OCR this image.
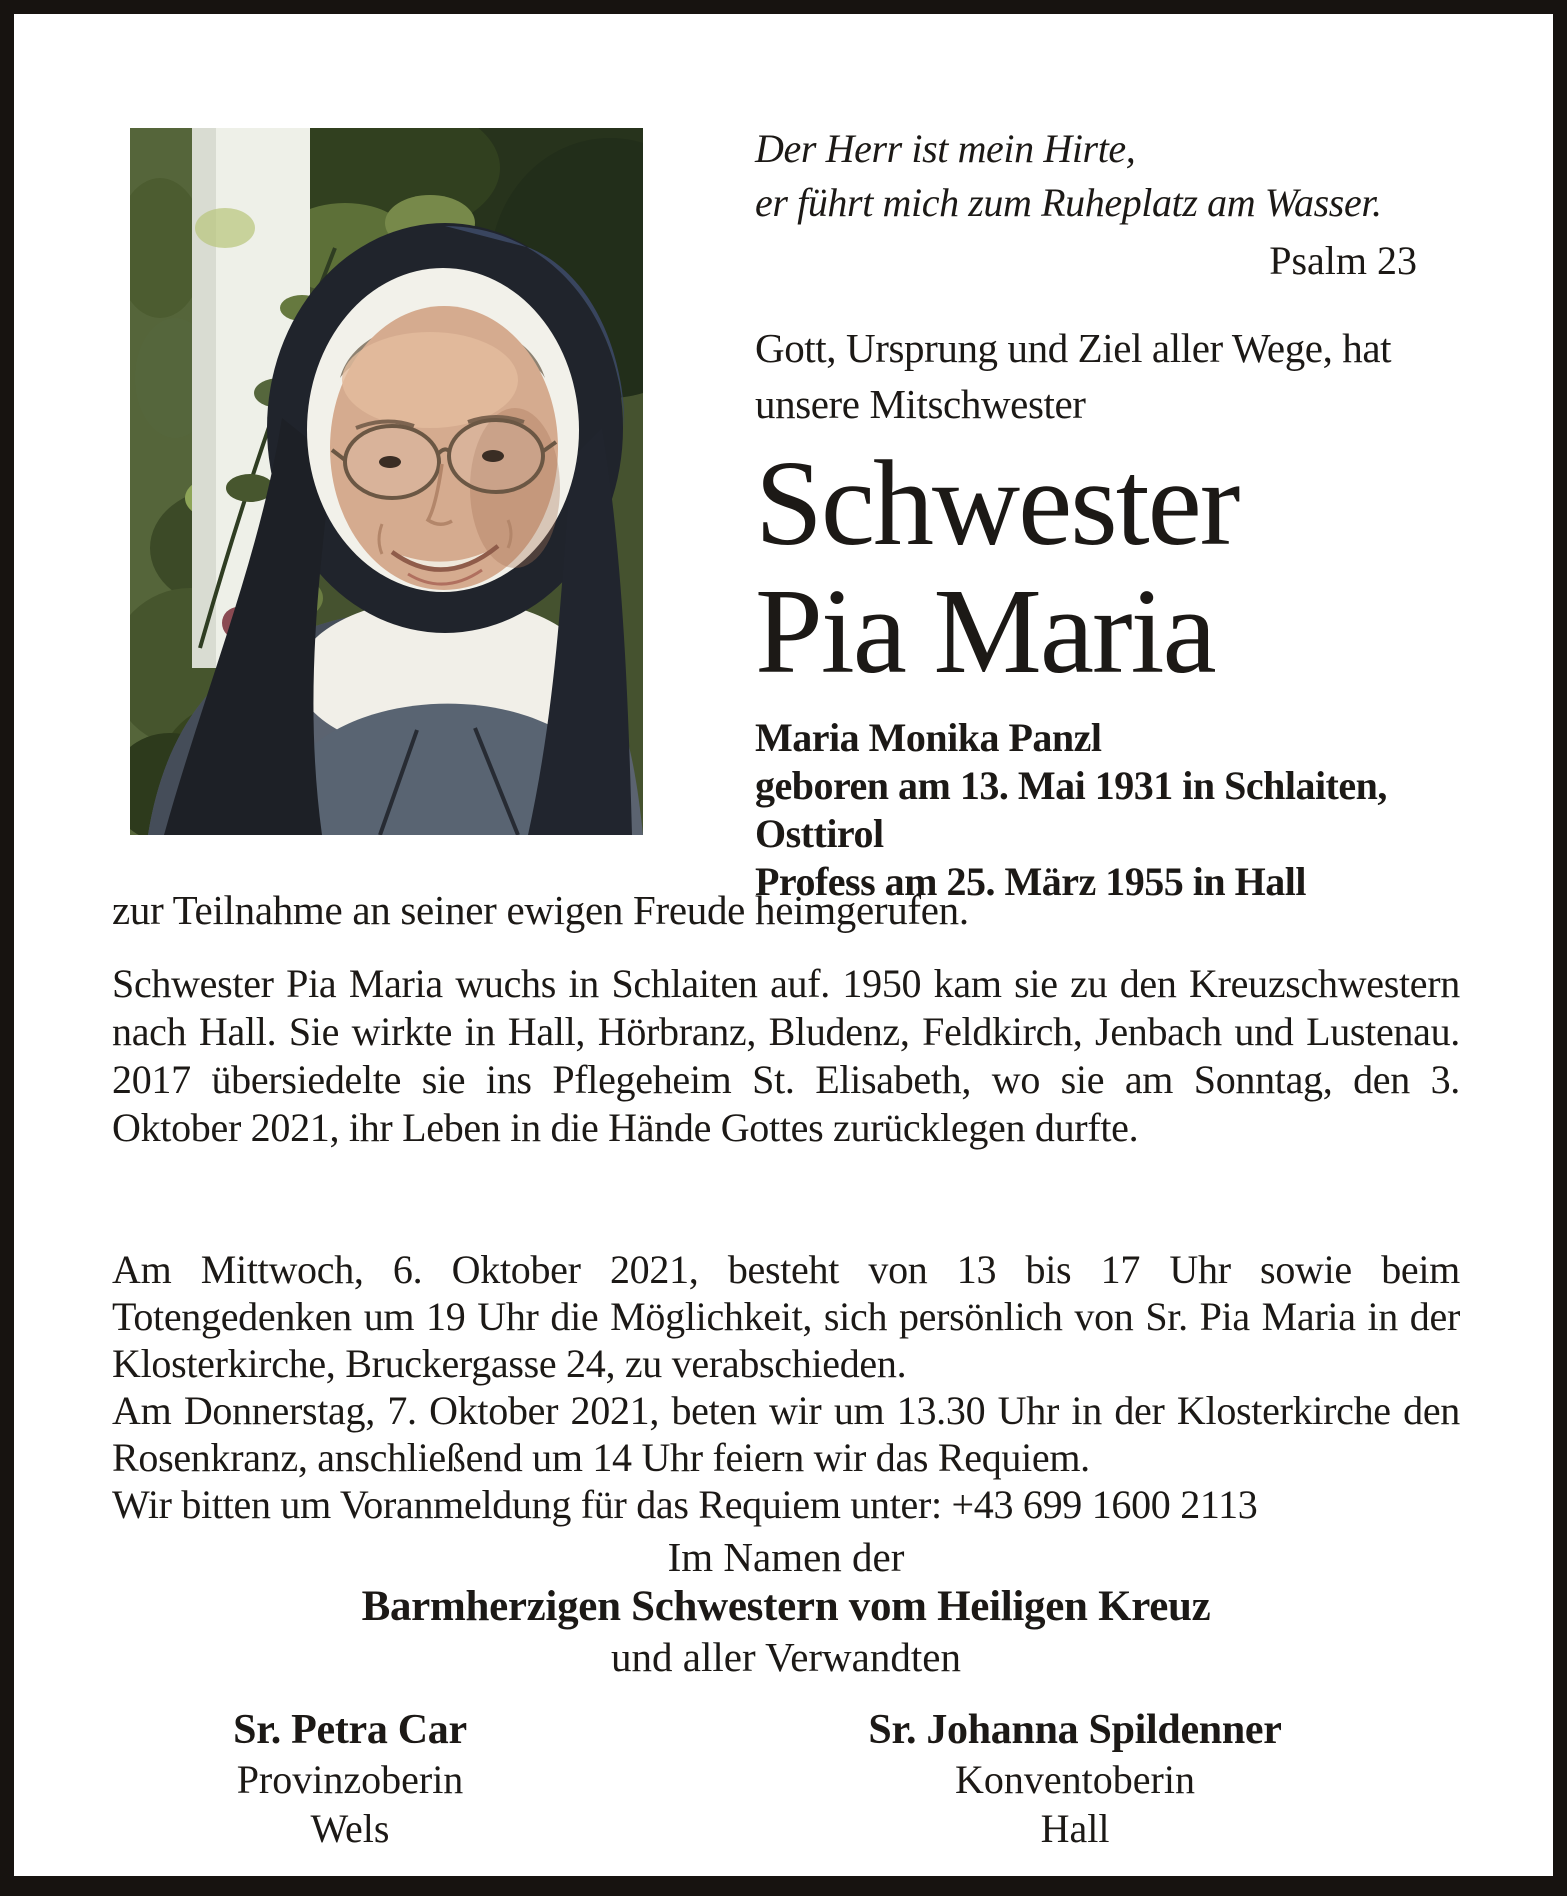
Der Herr ist mein Hirte,
er führt mich zum Ruheplatz am Wasser.
Psalm 23
Gott, Ursprung und Ziel aller Wege, hat
unsere Mitschwester
Schwester
Pia Maria
Maria Monika Panzl
geboren am 13. Mai 1931 in Schlaiten,
Osttirol
Profess am 25. März 1955 in Hall
zur Teilnahme an seiner ewigen Freude heimgerufen.

Schwester Pia Maria wuchs in Schlaiten auf. 1950 kam sie zu den Kreuzschwestern nach Hall. Sie wirkte in Hall, Hörbranz, Bludenz, Feldkirch, Jenbach und Lustenau. 2017 übersiedelte sie ins Pflegeheim St. Elisabeth, wo sie am Sonntag, den 3. Oktober 2021, ihr Leben in die Hände Gottes zurücklegen durfte.

Am Mittwoch, 6. Oktober 2021, besteht von 13 bis 17 Uhr sowie beim Totengedenken um 19 Uhr die Möglichkeit, sich persönlich von Sr. Pia Maria in der Klosterkirche, Bruckergasse 24, zu verabschieden.

Am Donnerstag, 7. Oktober 2021, beten wir um 13.30 Uhr in der Klosterkirche den Rosenkranz, anschließend um 14 Uhr feiern wir das Requiem.

Wir bitten um Voranmeldung für das Requiem unter: +43 699 1600 2113

Im Namen der
Barmherzigen Schwestern vom Heiligen Kreuz
und aller Verwandten
Sr. Petra Car
Provinzoberin
Wels
Sr. Johanna Spildenner
Konventoberin
Hall
